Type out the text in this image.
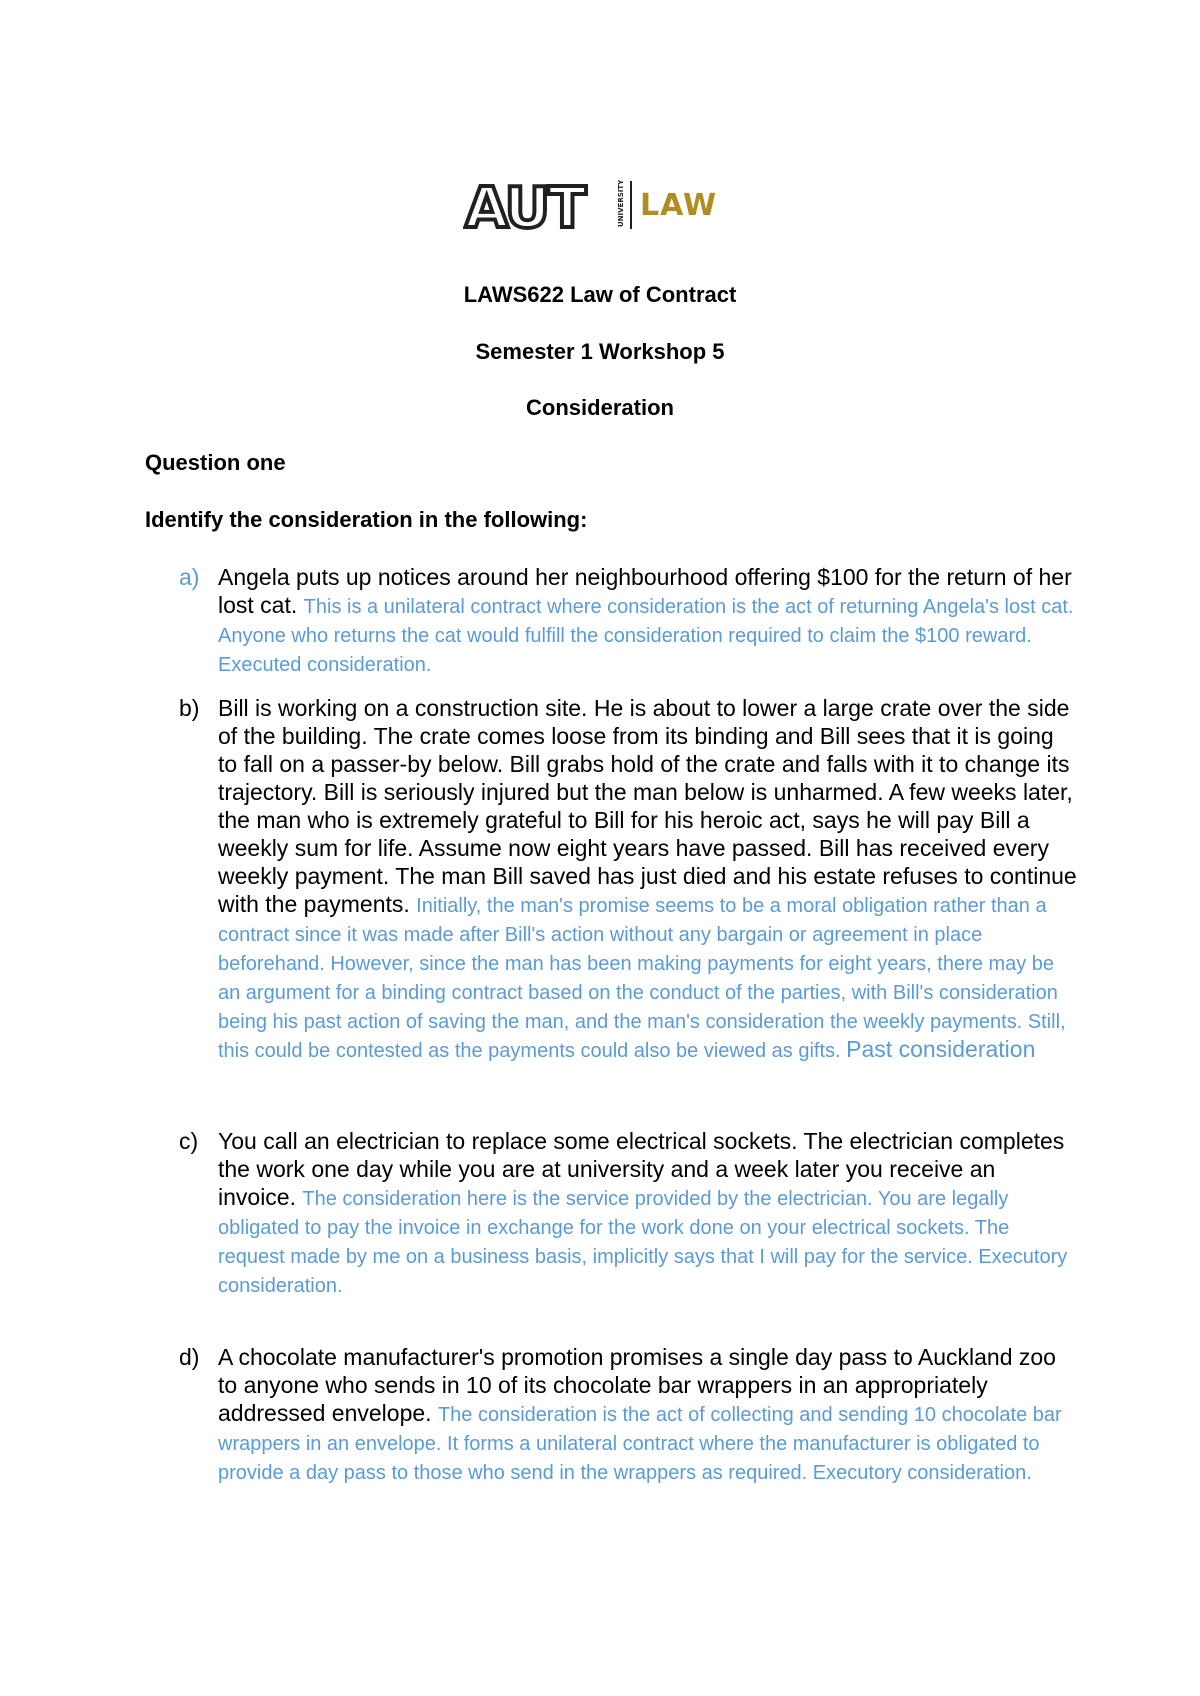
AUT	UNIVERSITY LAW
LAWS622 Law of Contract
Semester 1 Workshop 5
Consideration
Question one
Identify the consideration in the following:
a) Angela puts up notices around her neighbourhood offering $100 for the return of her lost cat. This is a unilateral contract where consideration is the act of returning Angela's lost cat. Anyone who returns the cat would fulfill the consideration required to claim the $100 reward. Executed consideration.
b) Bill is working on a construction site. He is about to lower a large crate over the side of the building. The crate comes loose from its binding and Bill sees that it is going to fall on a passer-by below. Bill grabs hold of the crate and falls with it to change its trajectory. Bill is seriously injured but the man below is unharmed. A few weeks later, the man who is extremely grateful to Bill for his heroic act, says he will pay Bill a weekly sum for life. Assume now eight years have passed. Bill has received every weekly payment. The man Bill saved has just died and his estate refuses to continue with the payments. Initially, the man's promise seems to be a moral obligation rather than a contract since it was made after Bill's action without any bargain or agreement in place beforehand. However, since the man has been making payments for eight years, there may be an argument for a binding contract based on the conduct of the parties, with Bill's consideration being his past action of saving the man, and the man's consideration the weekly payments. Still, this could be contested as the payments could also be viewed as gifts. Past consideration
c) You call an electrician to replace some electrical sockets. The electrician completes the work one day while you are at university and a week later you receive an invoice. The consideration here is the service provided by the electrician. You are legally obligated to pay the invoice in exchange for the work done on your electrical sockets. The request made by me on a business basis, implicitly says that I will pay for the service. Executory consideration.
d) A chocolate manufacturer's promotion promises a single day pass to Auckland zoo to anyone who sends in 10 of its chocolate bar wrappers in an appropriately addressed envelope. The consideration is the act of collecting and sending 10 chocolate bar wrappers in an envelope. It forms a unilateral contract where the manufacturer is obligated to provide a day pass to those who send in the wrappers as required. Executory consideration.
